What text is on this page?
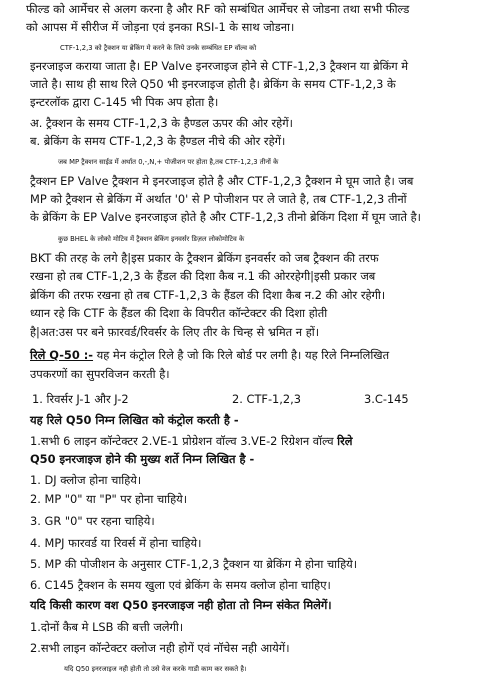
फील्ड को आर्मेचर से अलग करना है और RF को सम्बंधित आर्मेचर से जोडना तथा सभी फील्ड
को आपस में सीरीज में जोड़ना एवं इनका RSI-1 के साथ जोडना।
CTF-1,2,3 को ट्रैक्शन या ब्रेकिंग मे करने के लिये उनके सम्बंधित EP वॉल्व को
इनरजाइज कराया जाता है। EP Valve इनरजाइज होने से CTF-1,2,3 ट्रैक्शन या ब्रेकिंग मे
जाते है। साथ ही साथ रिले Q50 भी इनरजाइज होती है। ब्रेकिंग के समय CTF-1,2,3 के
इन्टरलॉक द्वारा C-145 भी पिक अप होता है।
अ. ट्रैक्शन के समय CTF-1,2,3 के हैण्डल ऊपर की ओर रहेगें।
ब. ब्रेकिंग के समय CTF-1,2,3 के हैण्डल नीचे की ओर रहेगें।
जब MP ट्रैक्शन साईड में अर्थात 0,-,N,+ पोजीशन पर होता है,तब CTF-1,2,3 तीनों के
ट्रैक्शन EP Valve ट्रैक्शन मे इनरजाइज होते है और CTF-1,2,3 ट्रैक्शन मे घूम जाते है। जब
MP को ट्रैक्शन से ब्रेकिंग में अर्थात '0' से P पोजीशन पर ले जाते है, तब CTF-1,2,3 तीनों
के ब्रेकिंग के EP Valve इनरजाइज होते है और CTF-1,2,3 तीनो ब्रेकिंग दिशा में घूम जाते है।
कुछ BHEL के लोको मोटिव में ट्रैक्शन ब्रेकिंग इनवर्सर डिज़ल लोकोमोटिव के
BKT की तरह के लगे है|इस प्रकार के ट्रैक्शन ब्रेकिंग इनवर्सर को जब ट्रैक्शन की तरफ
रखना हो तब CTF-1,2,3 के हैंडल की दिशा कैब न.1 की ओररहेगी|इसी प्रकार जब
ब्रेकिंग की तरफ रखना हो तब CTF-1,2,3 के हैंडल की दिशा कैब न.2 की ओर रहेगी।
ध्यान रहे कि CTF के हैंडल की दिशा के विपरीत कॉन्टेक्टर की दिशा होती
है|अत:उस पर बने फ़ारवर्ड/रिवर्सर के लिए तीर के चिन्ह से भ्रमित न हों।
रिले Q-50 :- यह मेन कंट्रोल रिले है जो कि रिले बोर्ड पर लगी है। यह रिले निम्नलिखित
उपकरणों का सुपरविजन करती है।
1. रिवर्सर J-1 और J-2	2. CTF-1,2,3	3.C-145
यह रिले Q50 निम्न लिखित को कंट्रोल करती है -
1.सभी 6 लाइन कॉन्टेक्टर 2.VE-1 प्रोग्रेशन वॉल्व 3.VE-2 रिग्रेशन वॉल्व रिले
Q50 इनरजाइज होने की मुख्य शर्ते निम्न लिखित है -
1. DJ क्लोज होना चाहिये।
2. MP "0" या "P" पर होना चाहिये।
3. GR "0" पर रहना चाहिये।
4. MPJ फारवर्ड या रिवर्स में होना चाहिये।
5. MP की पोजीशन के अनुसार CTF-1,2,3 ट्रैक्शन या ब्रेकिंग मे होना चाहिये।
6. C145 ट्रैक्शन के समय खुला एवं ब्रेकिंग के समय क्लोज होना चाहिए।
यदि किसी कारण वश Q50 इनरजाइज नही होता तो निम्न संकेत मिलेगें।
1.दोनों कैब मे LSB की बत्ती जलेगी।
2.सभी लाइन कॉन्टेक्टर क्लोज नही होगें एवं नॉचेस नही आयेगें।
यदि Q50 इनरजाइज नही होती तो उसे वेज करके गाडी काम कर सकते है।
